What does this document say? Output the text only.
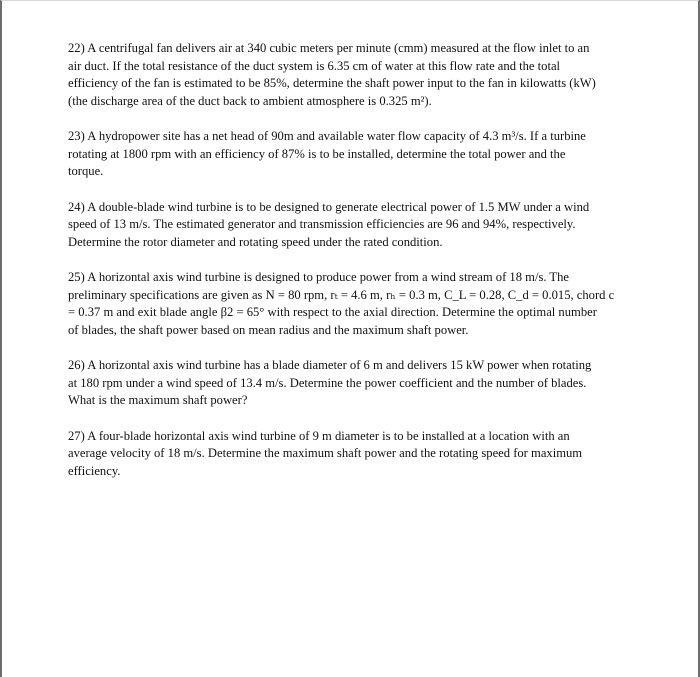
22) A centrifugal fan delivers air at 340 cubic meters per minute (cmm) measured at the flow inlet to an
air duct. If the total resistance of the duct system is 6.35 cm of water at this flow rate and the total
efficiency of the fan is estimated to be 85%, determine the shaft power input to the fan in kilowatts (kW)
(the discharge area of the duct back to ambient atmosphere is 0.325 m²).

23) A hydropower site has a net head of 90m and available water flow capacity of 4.3 m³/s. If a turbine
rotating at 1800 rpm with an efficiency of 87% is to be installed, determine the total power and the
torque.

24) A double-blade wind turbine is to be designed to generate electrical power of 1.5 MW under a wind
speed of 13 m/s. The estimated generator and transmission efficiencies are 96 and 94%, respectively.
Determine the rotor diameter and rotating speed under the rated condition.

25) A horizontal axis wind turbine is designed to produce power from a wind stream of 18 m/s. The
preliminary specifications are given as N = 80 rpm, rₜ = 4.6 m, rₕ = 0.3 m, C_L = 0.28, C_d = 0.015, chord c
= 0.37 m and exit blade angle β2 = 65° with respect to the axial direction. Determine the optimal number
of blades, the shaft power based on mean radius and the maximum shaft power.

26) A horizontal axis wind turbine has a blade diameter of 6 m and delivers 15 kW power when rotating
at 180 rpm under a wind speed of 13.4 m/s. Determine the power coefficient and the number of blades.
What is the maximum shaft power?

27) A four-blade horizontal axis wind turbine of 9 m diameter is to be installed at a location with an
average velocity of 18 m/s. Determine the maximum shaft power and the rotating speed for maximum
efficiency.
